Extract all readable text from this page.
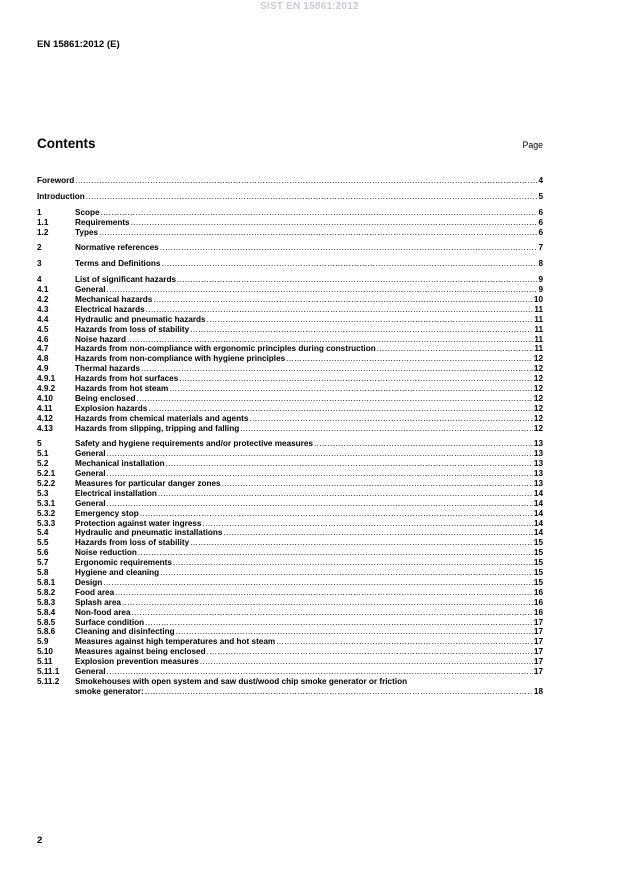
SIST EN 15861:2012
EN 15861:2012 (E)
Contents	Page
Foreword .....	4
Introduction .....	5
1	Scope .....	6
1.1	Requirements .....	6
1.2	Types .....	6
2	Normative references .....	7
3	Terms and Definitions .....	8
4	List of significant hazards .....	9
4.1	General .....	9
4.2	Mechanical hazards .....	10
4.3	Electrical hazards .....	11
4.4	Hydraulic and pneumatic hazards .....	11
4.5	Hazards from loss of stability .....	11
4.6	Noise hazard .....	11
4.7	Hazards from non-compliance with ergonomic principles during construction .....	11
4.8	Hazards from non-compliance with hygiene principles .....	12
4.9	Thermal hazards .....	12
4.9.1	Hazards from hot surfaces .....	12
4.9.2	Hazards from hot steam .....	12
4.10	Being enclosed .....	12
4.11	Explosion hazards .....	12
4.12	Hazards from chemical materials and agents .....	12
4.13	Hazards from slipping, tripping and falling .....	12
5	Safety and hygiene requirements and/or protective measures .....	13
5.1	General .....	13
5.2	Mechanical installation .....	13
5.2.1	General .....	13
5.2.2	Measures for particular danger zones .....	13
5.3	Electrical installation .....	14
5.3.1	General .....	14
5.3.2	Emergency stop .....	14
5.3.3	Protection against water ingress .....	14
5.4	Hydraulic and pneumatic installations .....	14
5.5	Hazards from loss of stability .....	15
5.6	Noise reduction .....	15
5.7	Ergonomic requirements .....	15
5.8	Hygiene and cleaning .....	15
5.8.1	Design .....	15
5.8.2	Food area .....	16
5.8.3	Splash area .....	16
5.8.4	Non-food area .....	16
5.8.5	Surface condition .....	17
5.8.6	Cleaning and disinfecting .....	17
5.9	Measures against high temperatures and hot steam .....	17
5.10	Measures against being enclosed .....	17
5.11	Explosion prevention measures .....	17
5.11.1	General .....	17
5.11.2	Smokehouses with open system and saw dust/wood chip smoke generator or friction
smoke generator: .....	18
2
